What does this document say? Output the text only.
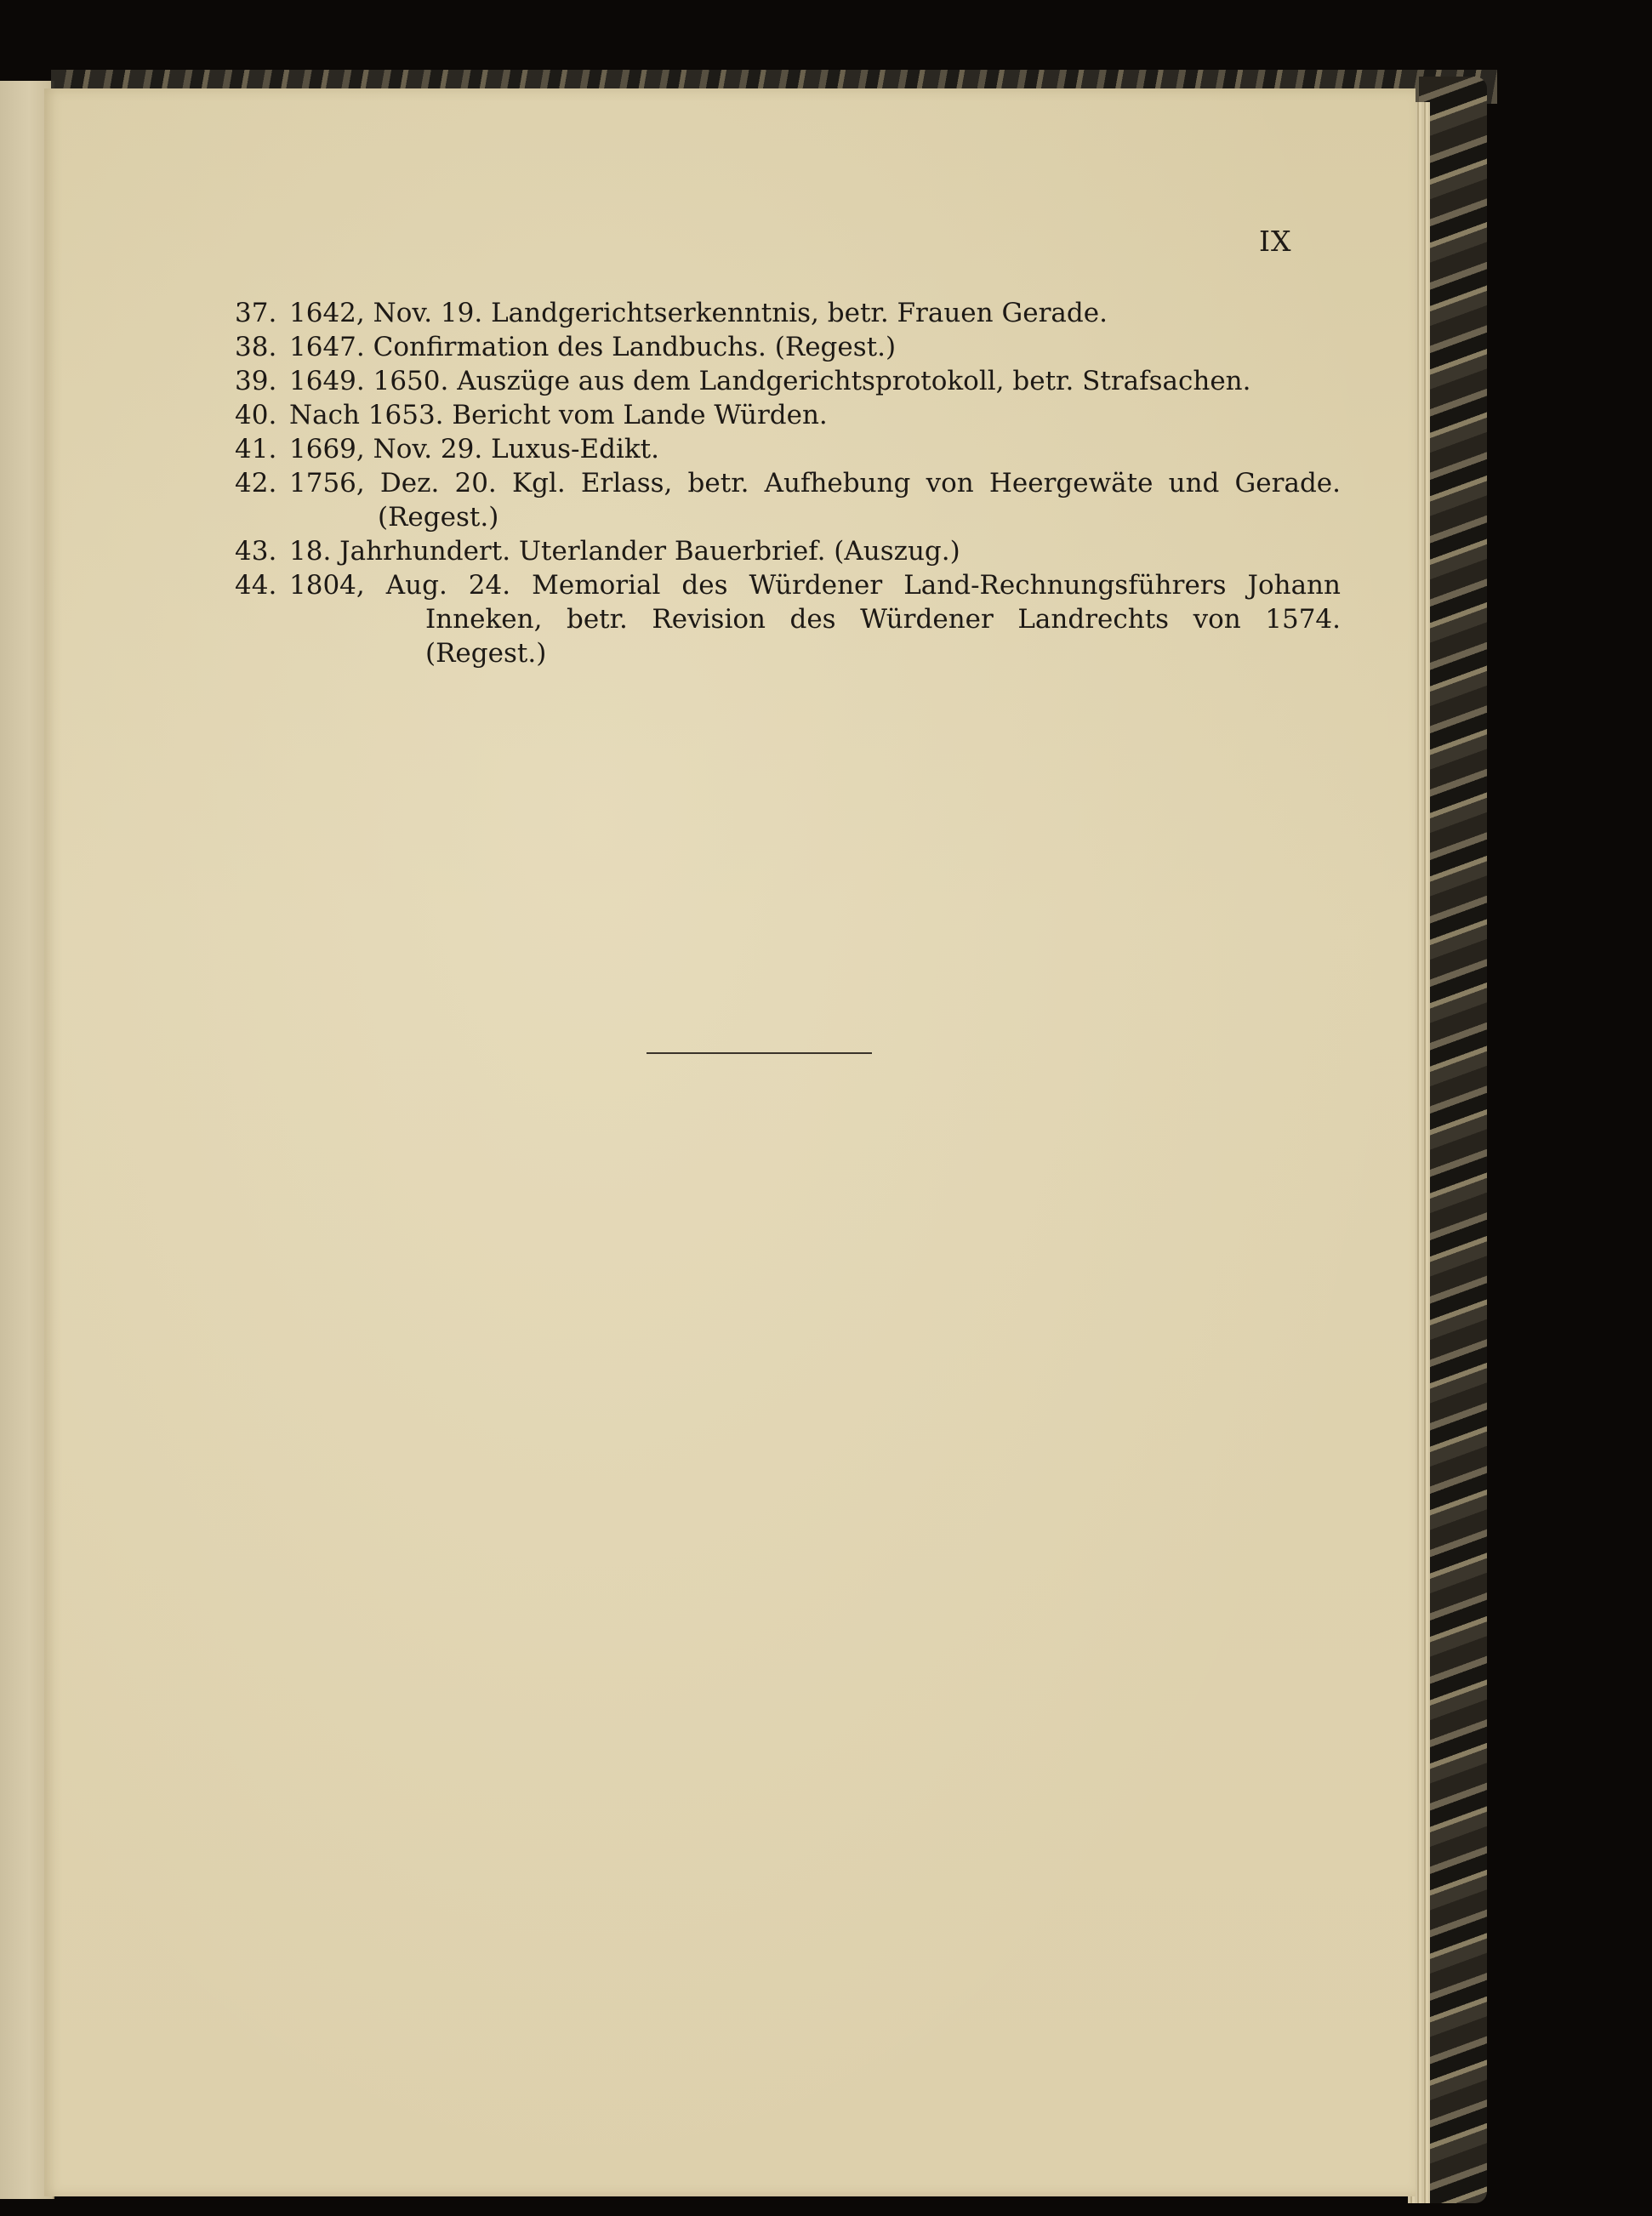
IX
37. 1642, Nov. 19. Landgerichtserkenntnis, betr. Frauen Gerade.
38. 1647. Confirmation des Landbuchs. (Regest.)
39. 1649. 1650. Auszüge aus dem Landgerichtsprotokoll, betr. Strafsachen.
40. Nach 1653. Bericht vom Lande Würden.
41. 1669, Nov. 29. Luxus-Edikt.
42. 1756, Dez. 20. Kgl. Erlass, betr. Aufhebung von Heergewäte und Gerade. (Regest.)
43. 18. Jahrhundert. Uterlander Bauerbrief. (Auszug.)
44. 1804, Aug. 24. Memorial des Würdener Land-Rechnungsführers Johann Inneken, betr. Revision des Würdener Landrechts von 1574. (Regest.)
